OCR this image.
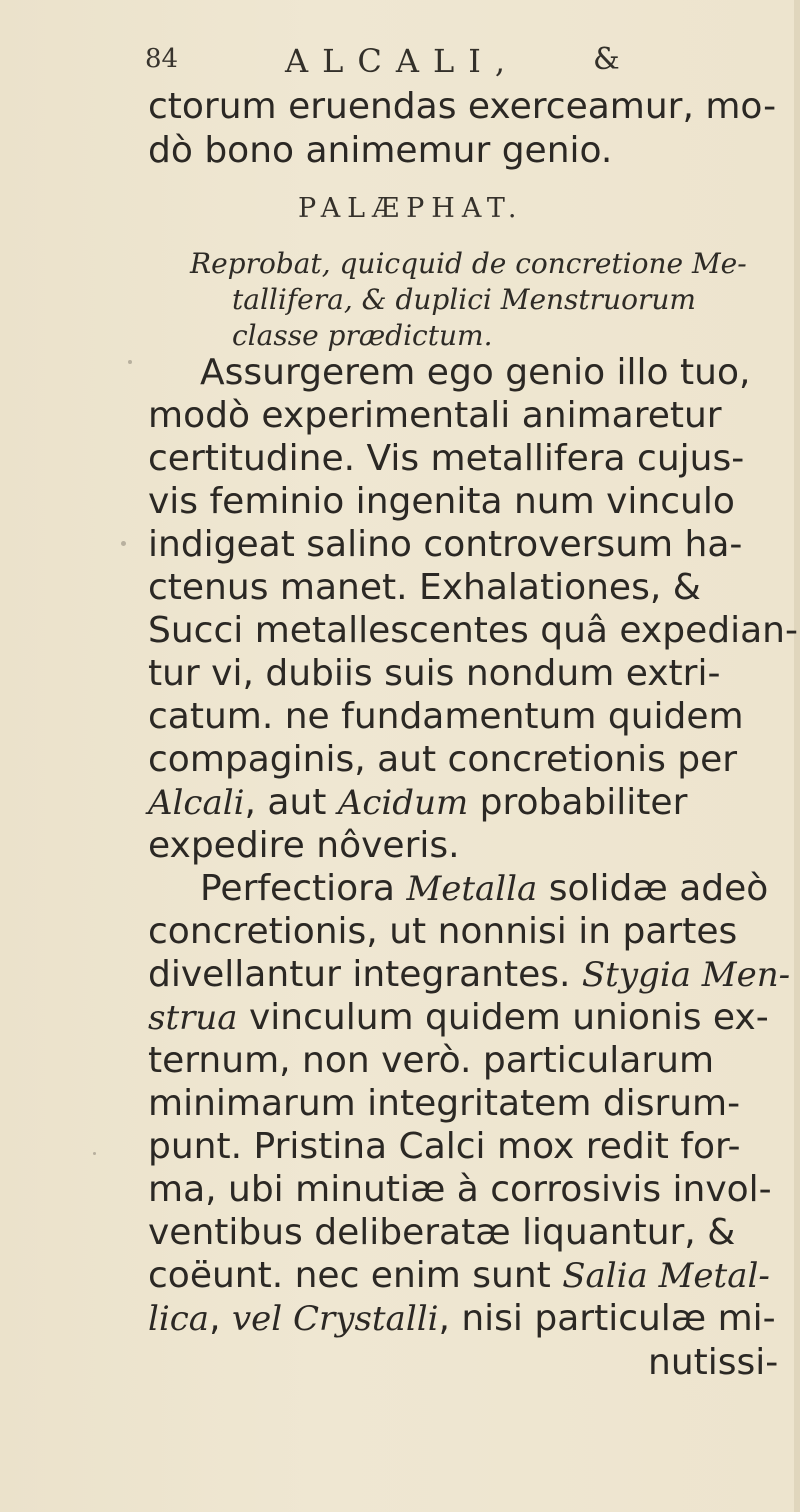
84	ALCALI, &
ctorum eruendas exerceamur, mo-
dò bono animemur genio.
PALÆPHAT.
Reprobat, quicquid de concretione Me-
tallifera, & duplici Menstruorum
classe prædictum.
Assurgerem ego genio illo tuo,
modò experimentali animaretur
certitudine. Vis metallifera cujus-
vis feminio ingenita num vinculo
indigeat salino controversum ha-
ctenus manet. Exhalationes, &
Succi metallescentes quâ expedian-
tur vi, dubiis suis nondum extri-
catum. ne fundamentum quidem
compaginis, aut concretionis per
Alcali, aut Acidum probabiliter
expedire nôveris.
Perfectiora Metalla solidæ adeò
concretionis, ut nonnisi in partes
divellantur integrantes. Stygia Men-
strua vinculum quidem unionis ex-
ternum, non verò. particularum
minimarum integritatem disrum-
punt. Pristina Calci mox redit for-
ma, ubi minutiæ à corrosivis invol-
ventibus deliberatæ liquantur, &
coëunt. nec enim sunt Salia Metal-
lica, vel Crystalli, nisi particulæ mi-
nutissi-
